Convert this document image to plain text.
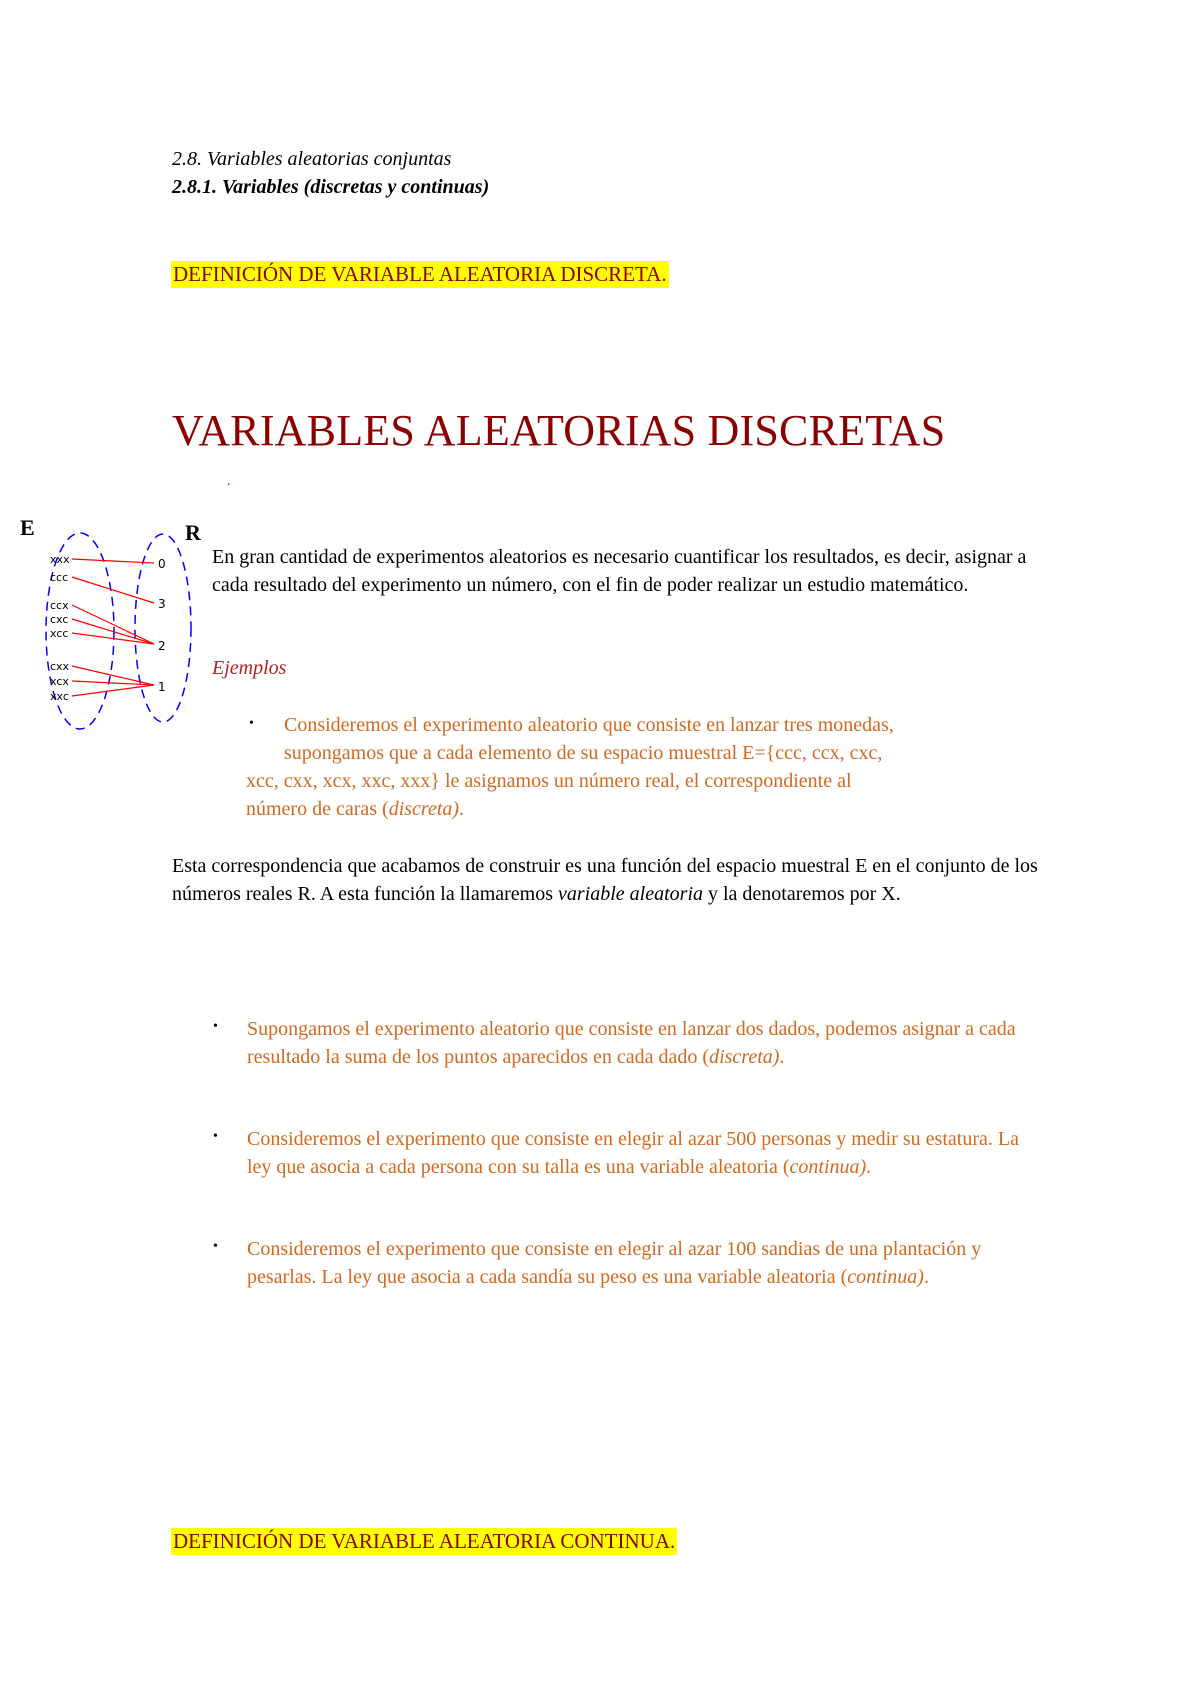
2.8. Variables aleatorias conjuntas
2.8.1. Variables (discretas y continuas)
DEFINICIÓN DE VARIABLE ALEATORIA DISCRETA.
VARIABLES ALEATORIAS DISCRETAS
.
E	R
xxx
ccc
ccx
cxc
xcc
cxx
xcx
xxc
0
3
2
1
En gran cantidad de experimentos aleatorios es necesario cuantificar los resultados, es decir, asignar a cada resultado del experimento un número, con el fin de poder realizar un estudio matemático.
Ejemplos
•	Consideremos el experimento aleatorio que consiste en lanzar tres monedas,
supongamos que a cada elemento de su espacio muestral E={ccc, ccx, cxc,
xcc, cxx, xcx, xxc, xxx} le asignamos un número real, el correspondiente al
número de caras (discreta).
Esta correspondencia que acabamos de construir es una función del espacio muestral E en el conjunto de los números reales R. A esta función la llamaremos variable aleatoria y la denotaremos por X.
• Supongamos el experimento aleatorio que consiste en lanzar dos dados, podemos asignar a cada resultado la suma de los puntos aparecidos en cada dado (discreta).
• Consideremos el experimento que consiste en elegir al azar 500 personas y medir su estatura. La ley que asocia a cada persona con su talla es una variable aleatoria (continua).
• Consideremos el experimento que consiste en elegir al azar 100 sandias de una plantación y pesarlas. La ley que asocia a cada sandía su peso es una variable aleatoria (continua).
DEFINICIÓN DE VARIABLE ALEATORIA CONTINUA.
